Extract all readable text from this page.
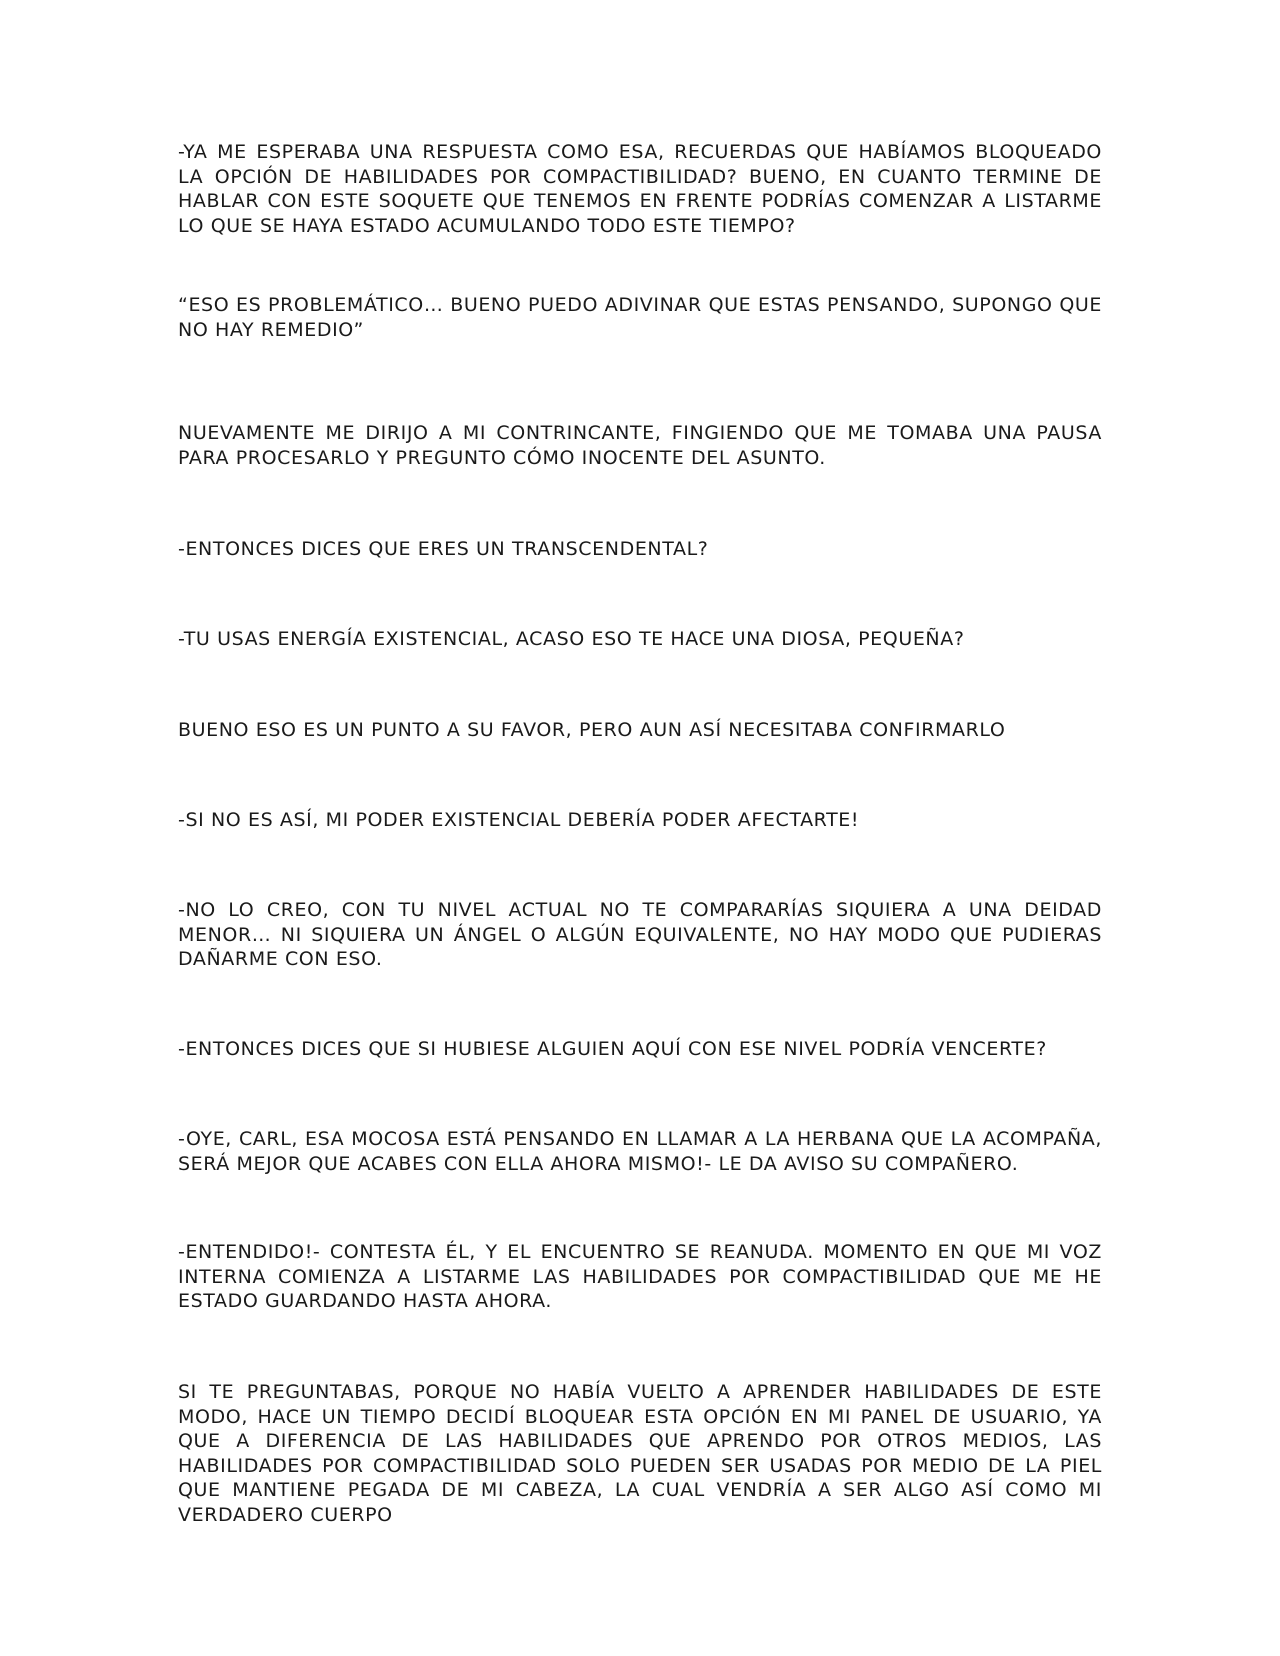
-YA ME ESPERABA UNA RESPUESTA COMO ESA, RECUERDAS QUE HABÍAMOS BLOQUEADO LA OPCIÓN DE HABILIDADES POR COMPACTIBILIDAD? BUENO, EN CUANTO TERMINE DE HABLAR CON ESTE SOQUETE QUE TENEMOS EN FRENTE PODRÍAS COMENZAR A LISTARME LO QUE SE HAYA ESTADO ACUMULANDO TODO ESTE TIEMPO?

“ESO ES PROBLEMÁTICO… BUENO PUEDO ADIVINAR QUE ESTAS PENSANDO, SUPONGO QUE NO HAY REMEDIO”

NUEVAMENTE ME DIRIJO A MI CONTRINCANTE, FINGIENDO QUE ME TOMABA UNA PAUSA PARA PROCESARLO Y PREGUNTO CÓMO INOCENTE DEL ASUNTO.

-ENTONCES DICES QUE ERES UN TRANSCENDENTAL?

-TU USAS ENERGÍA EXISTENCIAL, ACASO ESO TE HACE UNA DIOSA, PEQUEÑA?

BUENO ESO ES UN PUNTO A SU FAVOR, PERO AUN ASÍ NECESITABA CONFIRMARLO

-SI NO ES ASÍ, MI PODER EXISTENCIAL DEBERÍA PODER AFECTARTE!

-NO LO CREO, CON TU NIVEL ACTUAL NO TE COMPARARÍAS SIQUIERA A UNA DEIDAD MENOR… NI SIQUIERA UN ÁNGEL O ALGÚN EQUIVALENTE, NO HAY MODO QUE PUDIERAS DAÑARME CON ESO.

-ENTONCES DICES QUE SI HUBIESE ALGUIEN AQUÍ CON ESE NIVEL PODRÍA VENCERTE?

-OYE, CARL, ESA MOCOSA ESTÁ PENSANDO EN LLAMAR A LA HERBANA QUE LA ACOMPAÑA, SERÁ MEJOR QUE ACABES CON ELLA AHORA MISMO!- LE DA AVISO SU COMPAÑERO.

-ENTENDIDO!- CONTESTA ÉL, Y EL ENCUENTRO SE REANUDA. MOMENTO EN QUE MI VOZ INTERNA COMIENZA A LISTARME LAS HABILIDADES POR COMPACTIBILIDAD QUE ME HE ESTADO GUARDANDO HASTA AHORA.

SI TE PREGUNTABAS, PORQUE NO HABÍA VUELTO A APRENDER HABILIDADES DE ESTE MODO, HACE UN TIEMPO DECIDÍ BLOQUEAR ESTA OPCIÓN EN MI PANEL DE USUARIO, YA QUE A DIFERENCIA DE LAS HABILIDADES QUE APRENDO POR OTROS MEDIOS, LAS HABILIDADES POR COMPACTIBILIDAD SOLO PUEDEN SER USADAS POR MEDIO DE LA PIEL QUE MANTIENE PEGADA DE MI CABEZA, LA CUAL VENDRÍA A SER ALGO ASÍ COMO MI VERDADERO CUERPO
